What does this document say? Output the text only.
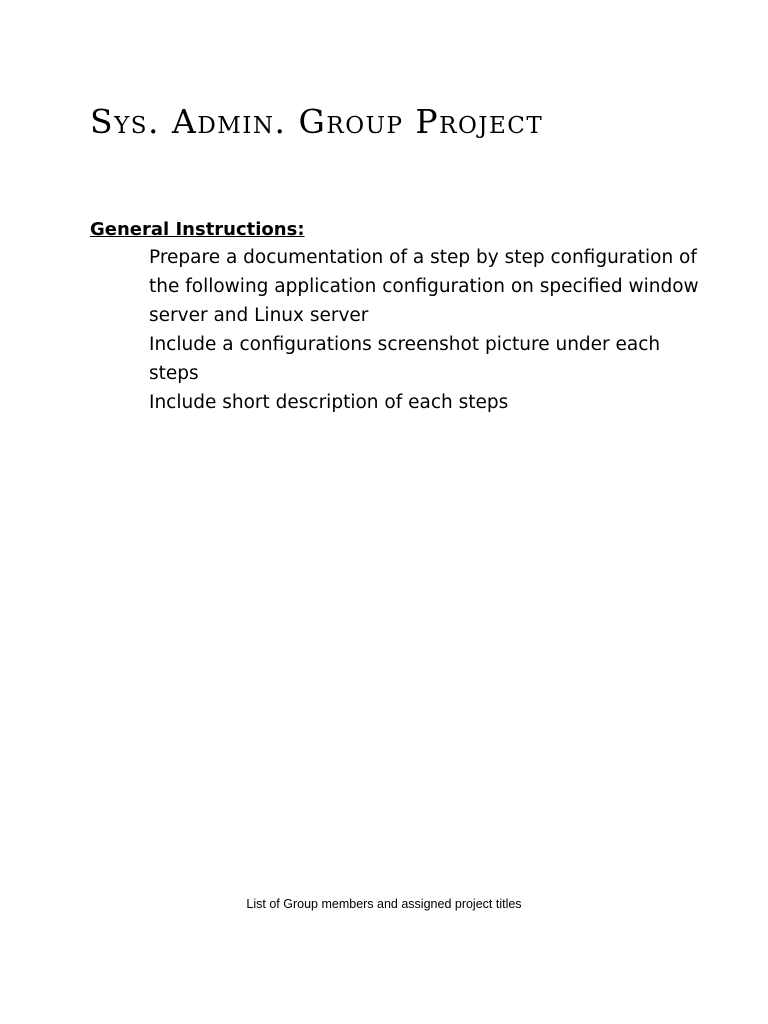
Sys. Admin. Group Project
General Instructions:
Prepare a documentation of a step by step configuration of the following application configuration on specified window server and Linux server
Include a configurations screenshot picture under each steps
Include short description of each steps

List of Group members and assigned project titles
